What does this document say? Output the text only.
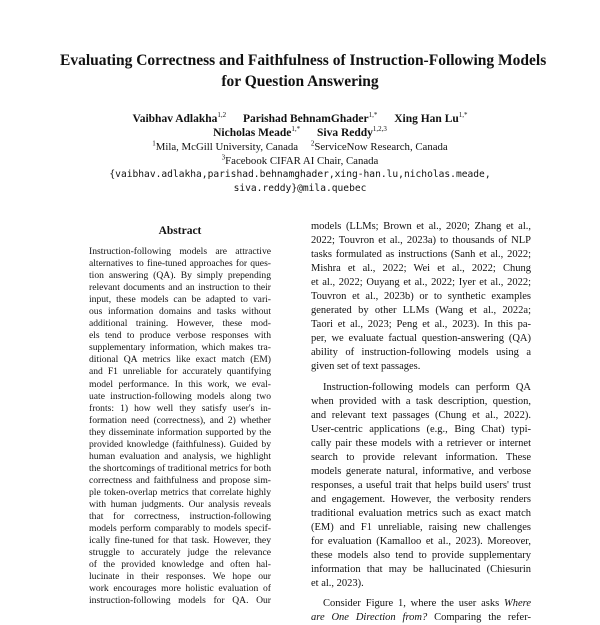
Evaluating Correctness and Faithfulness of Instruction-Following Models
for Question Answering
Vaibhav Adlakha$^{1,2}$ Parishad BehnamGhader$^{1,*}$ Xing Han $Lu^{1,*}$
Nicholas Meade$^{1,*}$ Siva Reddy$^{1,2,3}$
$^1$Mila, McGill University, Canada $^2$ServiceNow Research, Canada
$^3$Facebook CIFAR AI Chair, Canada
{vaibhav.adlakha,parishad.behnamghader,xing-han.lu,nicholas.meade,
siva.reddy}@mila.quebec
Abstract
Instruction-following models are attractive
alternatives to fine-tuned approaches for ques-
tion answering (QA). By simply prepending
relevant documents and an instruction to their
input, these models can be adapted to vari-
ous information domains and tasks without
additional training. However, these mod-
els tend to produce verbose responses with
supplementary information, which makes tra-
ditional QA metrics like exact match (EM)
and F1 unreliable for accurately quantifying
model performance. In this work, we eval-
uate instruction-following models along two
fronts: 1) how well they satisfy user's in-
formation need (correctness), and 2) whether
they disseminate information supported by the
provided knowledge (faithfulness). Guided by
human evaluation and analysis, we highlight
the shortcomings of traditional metrics for both
correctness and faithfulness and propose sim-
ple token-overlap metrics that correlate highly
with human judgments. Our analysis reveals
that for correctness, instruction-following
models perform comparably to models specif-
ically fine-tuned for that task. However, they
struggle to accurately judge the relevance
of the provided knowledge and often hal-
lucinate in their responses. We hope our
work encourages more holistic evaluation of
instruction-following models for QA. Our
models (LLMs; Brown et al., 2020; Zhang et al.,
2022; Touvron et al., 2023a) to thousands of NLP
tasks formulated as instructions (Sanh et al., 2022;
Mishra et al., 2022; Wei et al., 2022; Chung
et al., 2022; Ouyang et al., 2022; Iyer et al., 2022;
Touvron et al., 2023b) or to synthetic examples
generated by other LLMs (Wang et al., 2022a;
Taori et al., 2023; Peng et al., 2023). In this pa-
per, we evaluate factual question-answering (QA)
ability of instruction-following models using a
given set of text passages.
Instruction-following models can perform QA
when provided with a task description, question,
and relevant text passages (Chung et al., 2022).
User-centric applications (e.g., Bing Chat) typi-
cally pair these models with a retriever or internet
search to provide relevant information. These
models generate natural, informative, and verbose
responses, a useful trait that helps build users' trust
and engagement. However, the verbosity renders
traditional evaluation metrics such as exact match
(EM) and F1 unreliable, raising new challenges
for evaluation (Kamalloo et al., 2023). Moreover,
these models also tend to provide supplementary
information that may be hallucinated (Chiesurin
et al., 2023).
Consider Figure 1, where the user asks Where
are One Direction from? Comparing the refer-
